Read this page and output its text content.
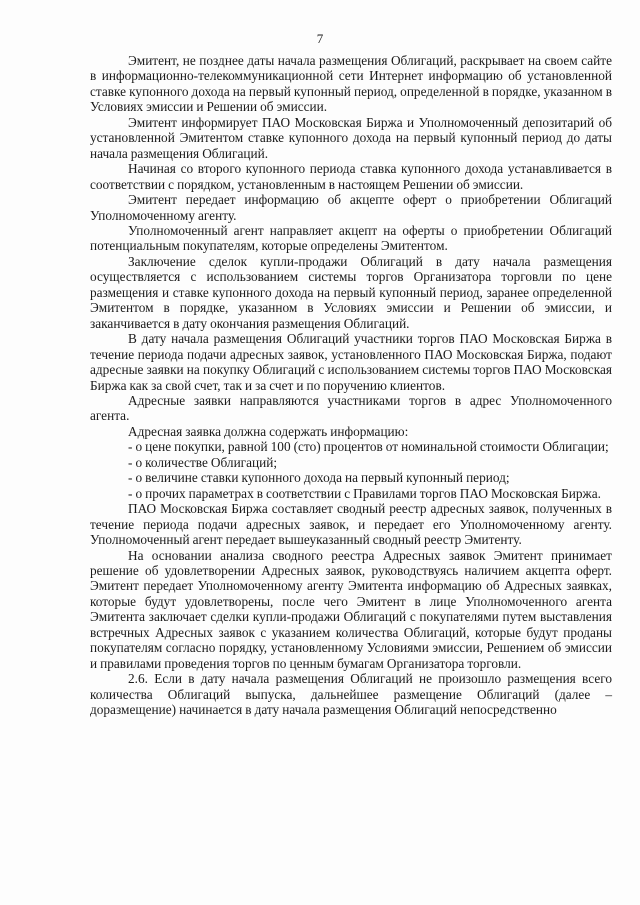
7

Эмитент, не позднее даты начала размещения Облигаций, раскрывает на своем сайте в информационно-телекоммуникационной сети Интернет информацию об установленной ставке купонного дохода на первый купонный период, определенной в порядке, указанном в Условиях эмиссии и Решении об эмиссии.

Эмитент информирует ПАО Московская Биржа и Уполномоченный депозитарий об установленной Эмитентом ставке купонного дохода на первый купонный период до даты начала размещения Облигаций.

Начиная со второго купонного периода ставка купонного дохода устанавливается в соответствии с порядком, установленным в настоящем Решении об эмиссии.

Эмитент передает информацию об акцепте оферт о приобретении Облигаций Уполномоченному агенту.

Уполномоченный агент направляет акцепт на оферты о приобретении Облигаций потенциальным покупателям, которые определены Эмитентом.

Заключение сделок купли-продажи Облигаций в дату начала размещения осуществляется с использованием системы торгов Организатора торговли по цене размещения и ставке купонного дохода на первый купонный период, заранее определенной Эмитентом в порядке, указанном в Условиях эмиссии и Решении об эмиссии, и заканчивается в дату окончания размещения Облигаций.

В дату начала размещения Облигаций участники торгов ПАО Московская Биржа в течение периода подачи адресных заявок, установленного ПАО Московская Биржа, подают адресные заявки на покупку Облигаций с использованием системы торгов ПАО Московская Биржа как за свой счет, так и за счет и по поручению клиентов.

Адресные заявки направляются участниками торгов в адрес Уполномоченного агента.

Адресная заявка должна содержать информацию:

- о цене покупки, равной 100 (сто) процентов от номинальной стоимости Облигации;

- о количестве Облигаций;

- о величине ставки купонного дохода на первый купонный период;

- о прочих параметрах в соответствии с Правилами торгов ПАО Московская Биржа.

ПАО Московская Биржа составляет сводный реестр адресных заявок, полученных в течение периода подачи адресных заявок, и передает его Уполномоченному агенту. Уполномоченный агент передает вышеуказанный сводный реестр Эмитенту.

На основании анализа сводного реестра Адресных заявок Эмитент принимает решение об удовлетворении Адресных заявок, руководствуясь наличием акцепта оферт. Эмитент передает Уполномоченному агенту Эмитента информацию об Адресных заявках, которые будут удовлетворены, после чего Эмитент в лице Уполномоченного агента Эмитента заключает сделки купли-продажи Облигаций с покупателями путем выставления встречных Адресных заявок с указанием количества Облигаций, которые будут проданы покупателям согласно порядку, установленному Условиями эмиссии, Решением об эмиссии и правилами проведения торгов по ценным бумагам Организатора торговли.

2.6. Если в дату начала размещения Облигаций не произошло размещения всего количества Облигаций выпуска, дальнейшее размещение Облигаций (далее – доразмещение) начинается в дату начала размещения Облигаций непосредственно
